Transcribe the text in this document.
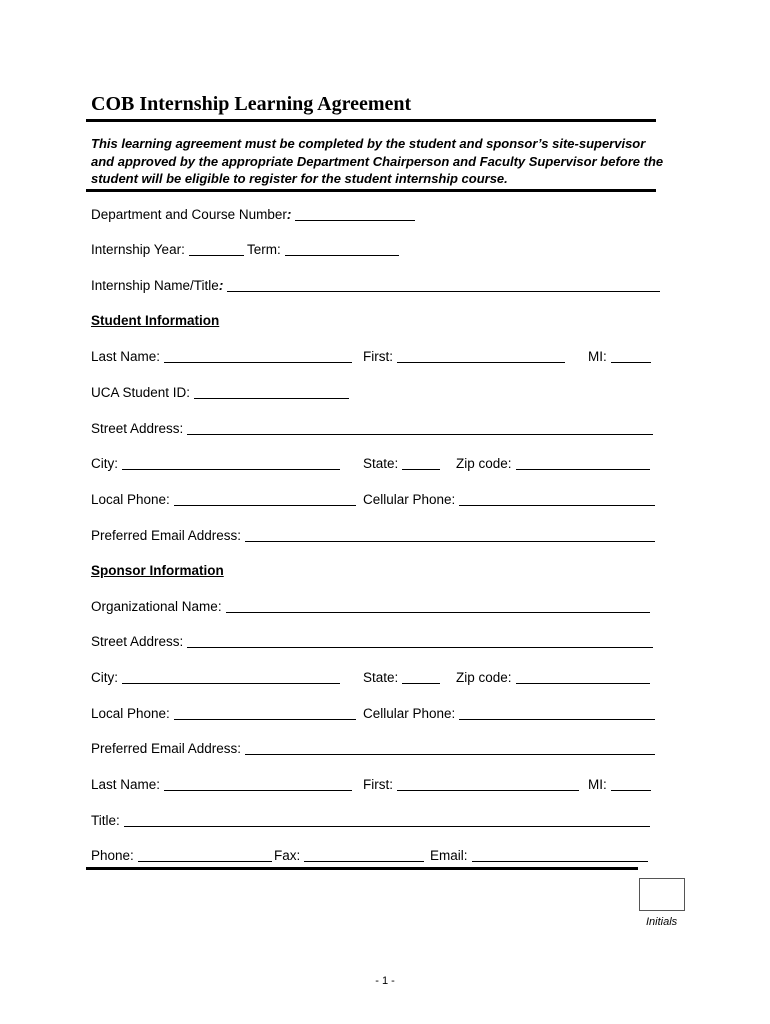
COB Internship Learning Agreement

This learning agreement must be completed by the student and sponsor’s site-supervisor and approved by the appropriate Department Chairperson and Faculty Supervisor before the student will be eligible to register for the student internship course.

Department and Course Number:
Internship Year:	Term:
Internship Name/Title:
Student Information
Last Name:	First:	MI:
UCA Student ID:
Street Address:
City:	State:	Zip code:
Local Phone:	Cellular Phone:
Preferred Email Address:
Sponsor Information
Organizational Name:
Street Address:
City:	State:	Zip code:
Local Phone:	Cellular Phone:
Preferred Email Address:
Last Name:	First:	MI:
Title:
Phone:	Fax:	Email:
Initials
- 1 -
